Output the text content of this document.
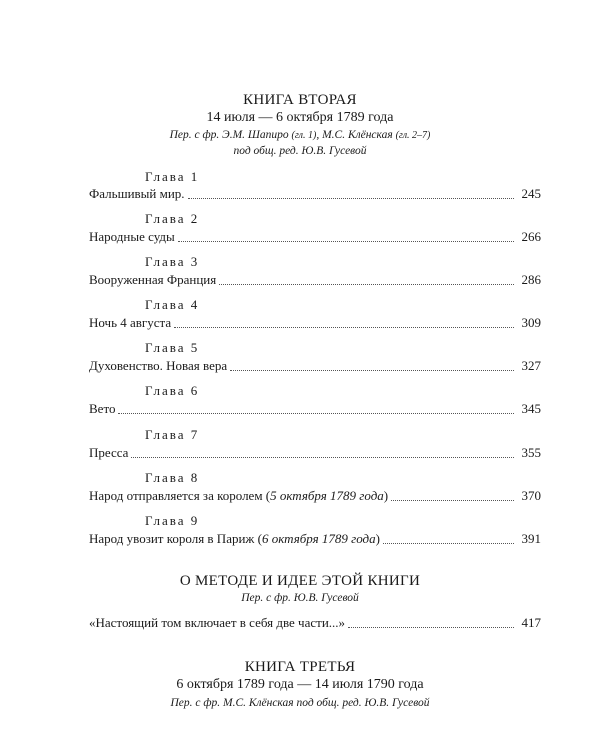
КНИГА ВТОРАЯ
14 июля — 6 октября 1789 года
Пер. с фр. Э.М. Шапиро (гл. 1), М.С. Клёнская (гл. 2–7)
под общ. ред. Ю.В. Гусевой
Глава 1
Фальшивый мир.	245
Глава 2
Народные суды	266
Глава 3
Вооруженная Франция	286
Глава 4
Ночь 4 августа	309
Глава 5
Духовенство. Новая вера	327
Глава 6
Вето	345
Глава 7
Пресса	355
Глава 8
Народ отправляется за королем (5 октября 1789 года)	370
Глава 9
Народ увозит короля в Париж (6 октября 1789 года)	391
О МЕТОДЕ И ИДЕЕ ЭТОЙ КНИГИ
Пер. с фр. Ю.В. Гусевой
«Настоящий том включает в себя две части...»	417
КНИГА ТРЕТЬЯ
6 октября 1789 года — 14 июля 1790 года
Пер. с фр. М.С. Клёнская под общ. ред. Ю.В. Гусевой
